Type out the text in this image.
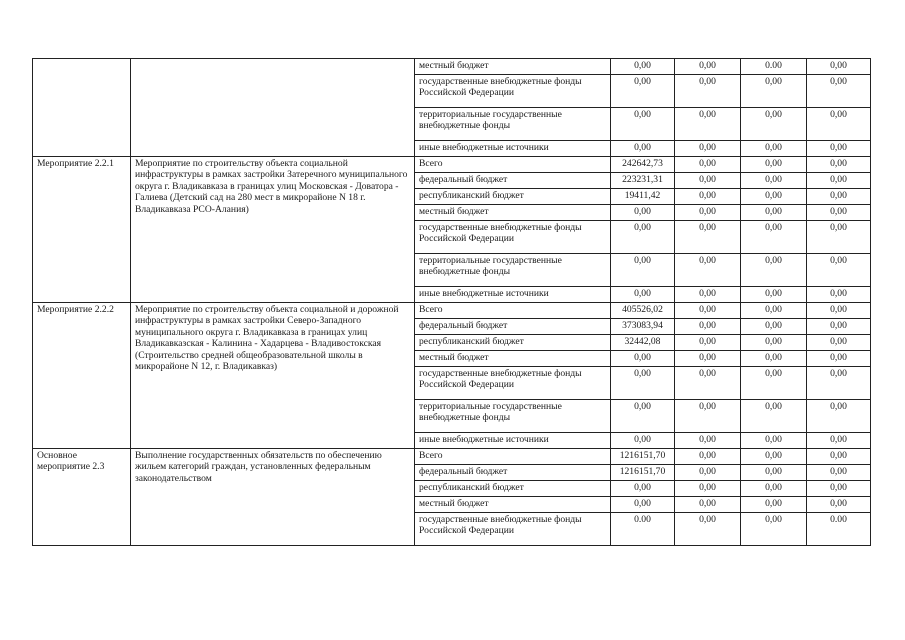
		местный бюджет	0,00	0,00	0.00	0,00
		государственные внебюджетные фонды Российской Федерации	0,00	0,00	0,00	0,00
		территориальные государственные внебюджетные фонды	0,00	0,00	0,00	0,00
		иные внебюджетные источники	0,00	0,00	0,00	0,00
Мероприятие 2.2.1	Мероприятие по строительству объекта социальной инфраструктуры в рамках застройки Затеречного муниципального округа г. Владикавказа в границах улиц Московская - Доватора - Галиева (Детский сад на 280 мест в микрорайоне N 18 г. Владикавказа РСО-Алания)	Всего	242642,73	0,00	0,00	0,00
		федеральный бюджет	223231,31	0,00	0,00	0,00
		республиканский бюджет	19411,42	0,00	0,00	0,00
		местный бюджет	0,00	0,00	0,00	0,00
		государственные внебюджетные фонды Российской Федерации	0,00	0,00	0,00	0,00
		территориальные государственные внебюджетные фонды	0,00	0,00	0,00	0,00
		иные внебюджетные источники	0,00	0,00	0,00	0,00
Мероприятие 2.2.2	Мероприятие по строительству объекта социальной и дорожной инфраструктуры в рамках застройки Северо-Западного муниципального округа г. Владикавказа в границах улиц Владикавказская - Калинина - Хадарцева - Владивостокская (Строительство средней общеобразовательной школы в микрорайоне N 12, г. Владикавказ)	Всего	405526,02	0,00	0,00	0,00
		федеральный бюджет	373083,94	0,00	0,00	0,00
		республиканский бюджет	32442,08	0,00	0,00	0,00
		местный бюджет	0,00	0,00	0,00	0,00
		государственные внебюджетные фонды Российской Федерации	0,00	0,00	0,00	0,00
		территориальные государственные внебюджетные фонды	0,00	0,00	0,00	0,00
		иные внебюджетные источники	0,00	0,00	0,00	0,00
Основное мероприятие 2.3	Выполнение государственных обязательств по обеспечению жильем категорий граждан, установленных федеральным законодательством	Всего	1216151,70	0,00	0,00	0,00
		федеральный бюджет	1216151,70	0,00	0,00	0,00
		республиканский бюджет	0,00	0,00	0,00	0,00
		местный бюджет	0,00	0,00	0,00	0,00
		государственные внебюджетные фонды Российской Федерации	0.00	0,00	0,00	0.00
